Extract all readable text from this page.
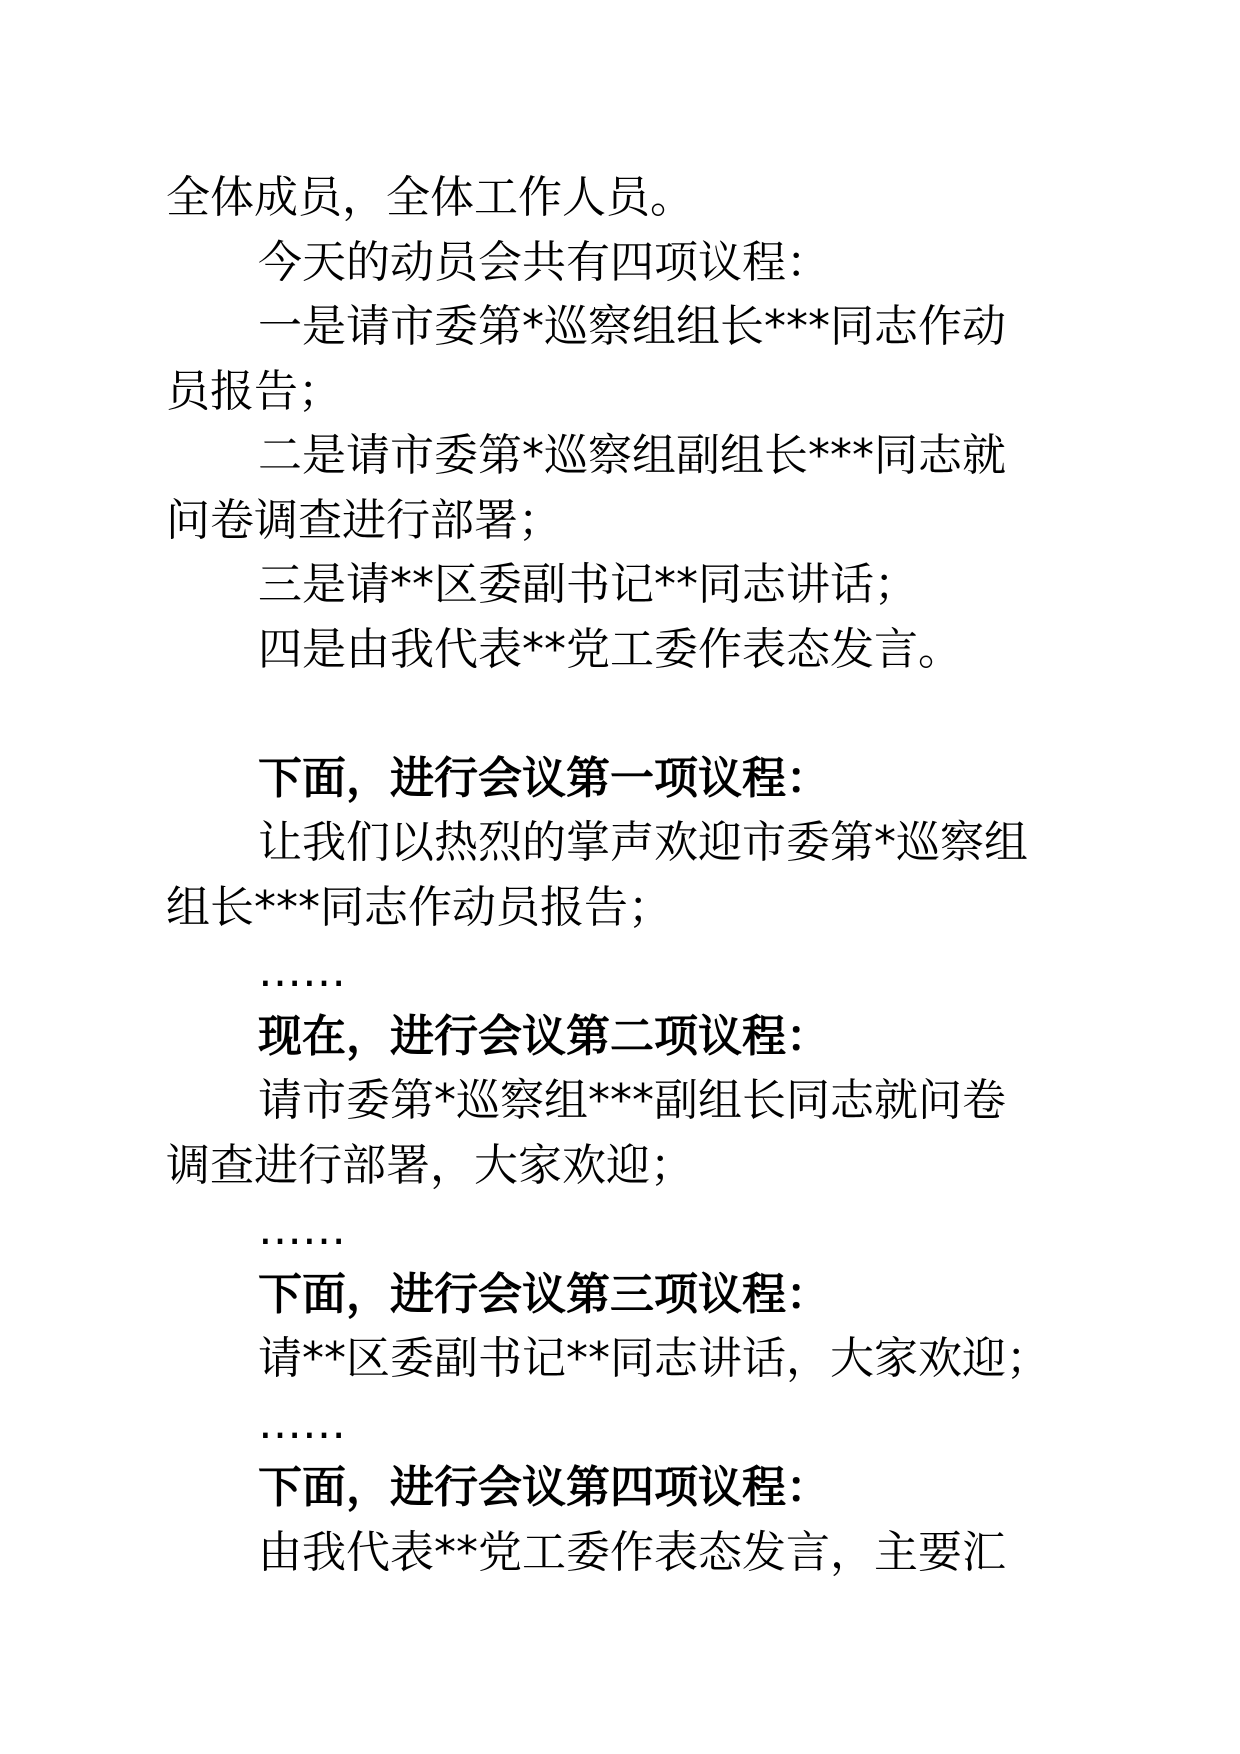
全体成员，全体工作人员。
今天的动员会共有四项议程：
一是请市委第*巡察组组长***同志作动
员报告；
二是请市委第*巡察组副组长***同志就
问卷调查进行部署；
三是请**区委副书记**同志讲话；
四是由我代表**党工委作表态发言。
下面，进行会议第一项议程：
让我们以热烈的掌声欢迎市委第*巡察组
组长***同志作动员报告；
……
现在，进行会议第二项议程：
请市委第*巡察组***副组长同志就问卷
调查进行部署，大家欢迎；
……
下面，进行会议第三项议程：
请**区委副书记**同志讲话，大家欢迎；
……
下面，进行会议第四项议程：
由我代表**党工委作表态发言，主要汇
